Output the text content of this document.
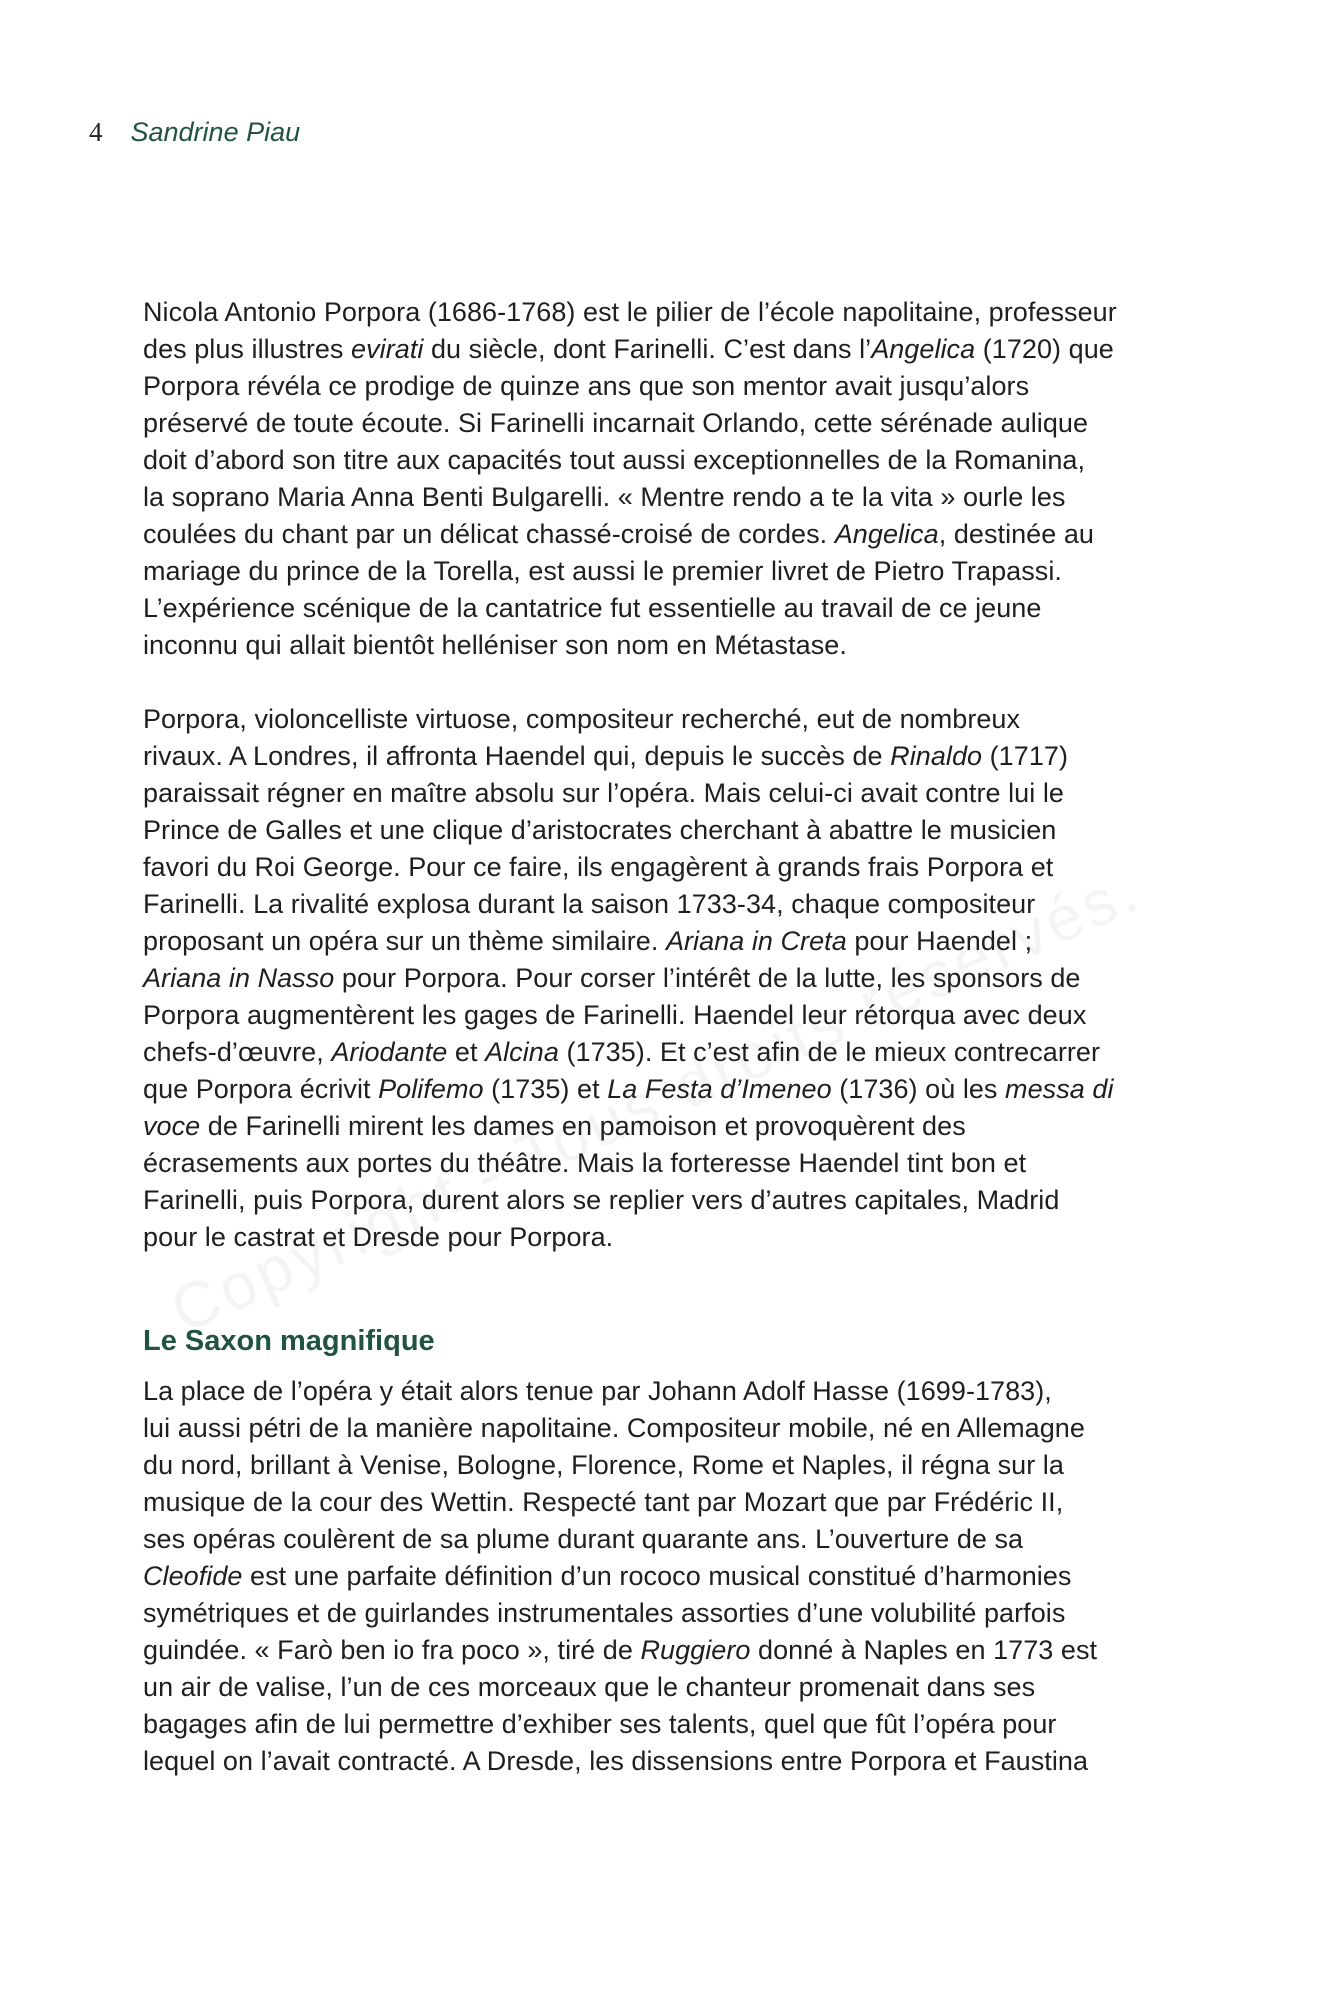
4 Sandrine Piau

Nicola Antonio Porpora (1686-1768) est le pilier de l’école napolitaine, professeur
des plus illustres evirati du siècle, dont Farinelli. C’est dans l’Angelica (1720) que
Porpora révéla ce prodige de quinze ans que son mentor avait jusqu’alors
préservé de toute écoute. Si Farinelli incarnait Orlando, cette sérénade aulique
doit d’abord son titre aux capacités tout aussi exceptionnelles de la Romanina,
la soprano Maria Anna Benti Bulgarelli. « Mentre rendo a te la vita » ourle les
coulées du chant par un délicat chassé-croisé de cordes. Angelica, destinée au
mariage du prince de la Torella, est aussi le premier livret de Pietro Trapassi.
L’expérience scénique de la cantatrice fut essentielle au travail de ce jeune
inconnu qui allait bientôt helléniser son nom en Métastase.

Porpora, violoncelliste virtuose, compositeur recherché, eut de nombreux
rivaux. A Londres, il affronta Haendel qui, depuis le succès de Rinaldo (1717)
paraissait régner en maître absolu sur l’opéra. Mais celui-ci avait contre lui le
Prince de Galles et une clique d’aristocrates cherchant à abattre le musicien
favori du Roi George. Pour ce faire, ils engagèrent à grands frais Porpora et
Farinelli. La rivalité explosa durant la saison 1733-34, chaque compositeur
proposant un opéra sur un thème similaire. Ariana in Creta pour Haendel ;
Ariana in Nasso pour Porpora. Pour corser l’intérêt de la lutte, les sponsors de
Porpora augmentèrent les gages de Farinelli. Haendel leur rétorqua avec deux
chefs-d’œuvre, Ariodante et Alcina (1735). Et c’est afin de le mieux contrecarrer
que Porpora écrivit Polifemo (1735) et La Festa d’Imeneo (1736) où les messa di
voce de Farinelli mirent les dames en pamoison et provoquèrent des
écrasements aux portes du théâtre. Mais la forteresse Haendel tint bon et
Farinelli, puis Porpora, durent alors se replier vers d’autres capitales, Madrid
pour le castrat et Dresde pour Porpora.

Le Saxon magnifique

La place de l’opéra y était alors tenue par Johann Adolf Hasse (1699-1783),
lui aussi pétri de la manière napolitaine. Compositeur mobile, né en Allemagne
du nord, brillant à Venise, Bologne, Florence, Rome et Naples, il régna sur la
musique de la cour des Wettin. Respecté tant par Mozart que par Frédéric II,
ses opéras coulèrent de sa plume durant quarante ans. L’ouverture de sa
Cleofide est une parfaite définition d’un rococo musical constitué d’harmonies
symétriques et de guirlandes instrumentales assorties d’une volubilité parfois
guindée. « Farò ben io fra poco », tiré de Ruggiero donné à Naples en 1773 est
un air de valise, l’un de ces morceaux que le chanteur promenait dans ses
bagages afin de lui permettre d’exhiber ses talents, quel que fût l’opéra pour
lequel on l’avait contracté. A Dresde, les dissensions entre Porpora et Faustina
